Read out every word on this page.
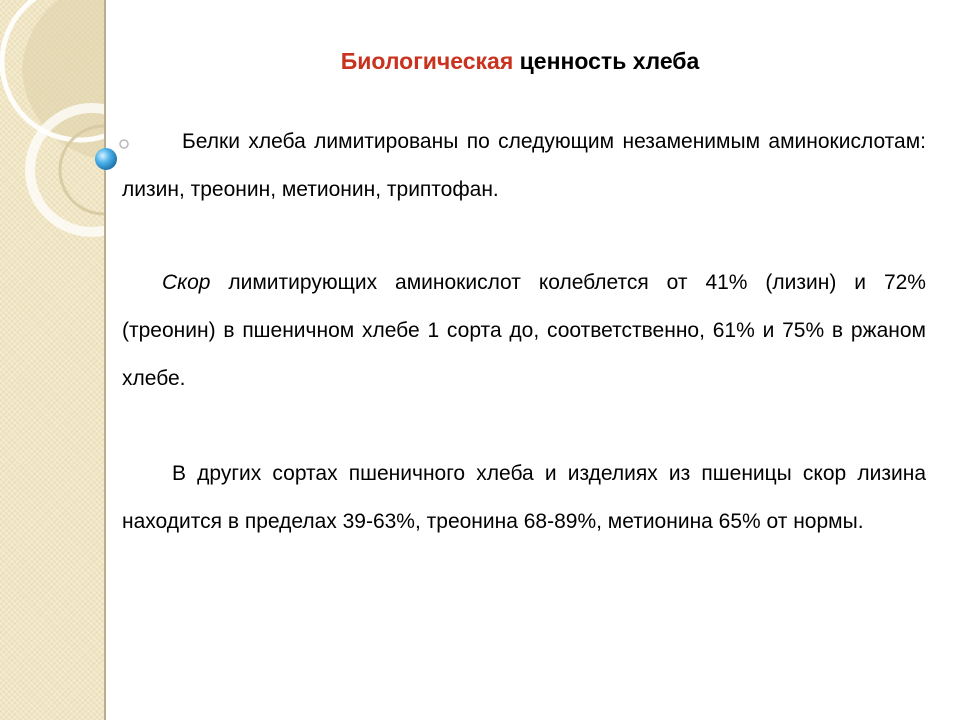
Биологическая ценность хлеба

Белки хлеба лимитированы по следующим незаменимым аминокислотам: лизин, треонин, метионин, триптофан.

Скор лимитирующих аминокислот колеблется от 41% (лизин) и 72% (треонин) в пшеничном хлебе 1 сорта до, соответственно, 61% и 75% в ржаном хлебе.

В других сортах пшеничного хлеба и изделиях из пшеницы скор лизина находится в пределах 39-63%, треонина 68-89%, метионина 65% от нормы.
